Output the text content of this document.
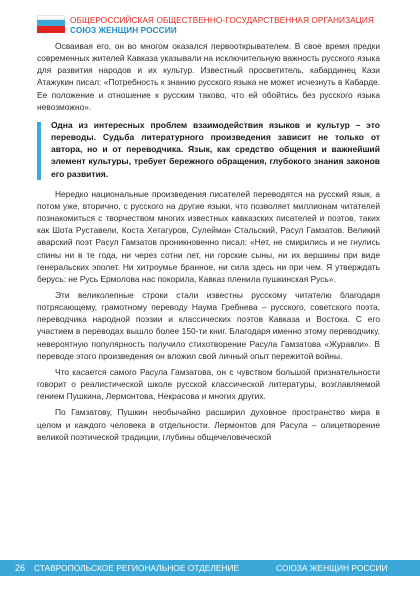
ОБЩЕРОССИЙСКАЯ ОБЩЕСТВЕННО-ГОСУДАРСТВЕННАЯ ОРГАНИЗАЦИЯ
СОЮЗ ЖЕНЩИН РОССИИ

Осваивая его, он во многом оказался первооткрывателем. В свое время предки современных жителей Кавказа указывали на исключительную важность русского языка для развития народов и их культур. Известный просветитель, кабардинец Кази Атажукин писал: «Потребность к знанию русского языка не может исчезнуть в Кабарде. Ее положение и отношение к русским таково, что ей обойтись без русского языка невозможно».

Одна из интересных проблем взаимодействия языков и культур – это переводы. Судьба литературного произведения зависит не только от автора, но и от переводчика. Язык, как средство общения и важнейший элемент культуры, требует бережного обращения, глубокого знания законов его развития.

Нередко национальные произведения писателей переводятся на русский язык, а потом уже, вторично, с русского на другие языки, что позволяет миллионам читателей познакомиться с творчеством многих известных кавказских писателей и поэтов, таких как Шота Руставели, Коста Хетагуров, Сулейман Стальский, Расул Гамзатов. Великий аварский поэт Расул Гамзатов проникновенно писал: «Нет, не смирились и не гнулись спины ни в те года, ни через сотни лет, ни горские сыны, ни их вершины при виде генеральских эполет. Ни хитроумье бранное, ни сила здесь ни при чем. Я утверждать берусь: не Русь Ермолова нас покорила, Кавказ пленила пушкинская Русь».

Эти великолепные строки стали известны русскому читателю благодаря потрясающему, грамотному переводу Наума Гребнева – русского, советского поэта, переводчика народной поэзии и классических поэтов Кавказа и Востока. С его участием в переводах вышло более 150-ти книг. Благодаря именно этому переводчику, невероятную популярность получило стихотворение Расула Гамзатова «Журавли». В переводе этого произведения он вложил свой личный опыт пережитой войны.

Что касается самого Расула Гамзатова, он с чувством большой признательности говорит о реалистической школе русской классической литературы, возглавляемой гением Пушкина, Лермонтова, Некрасова и многих других.

По Гамзатову, Пушкин необычайно расширил духовное пространство мира в целом и каждого человека в отдельности. Лермонтов для Расула – олицетворение великой поэтической традиции, глубины общечеловеческой

26 СТАВРОПОЛЬСКОЕ РЕГИОНАЛЬНОЕ ОТДЕЛЕНИЕ	СОЮЗА ЖЕНЩИН РОССИИ
